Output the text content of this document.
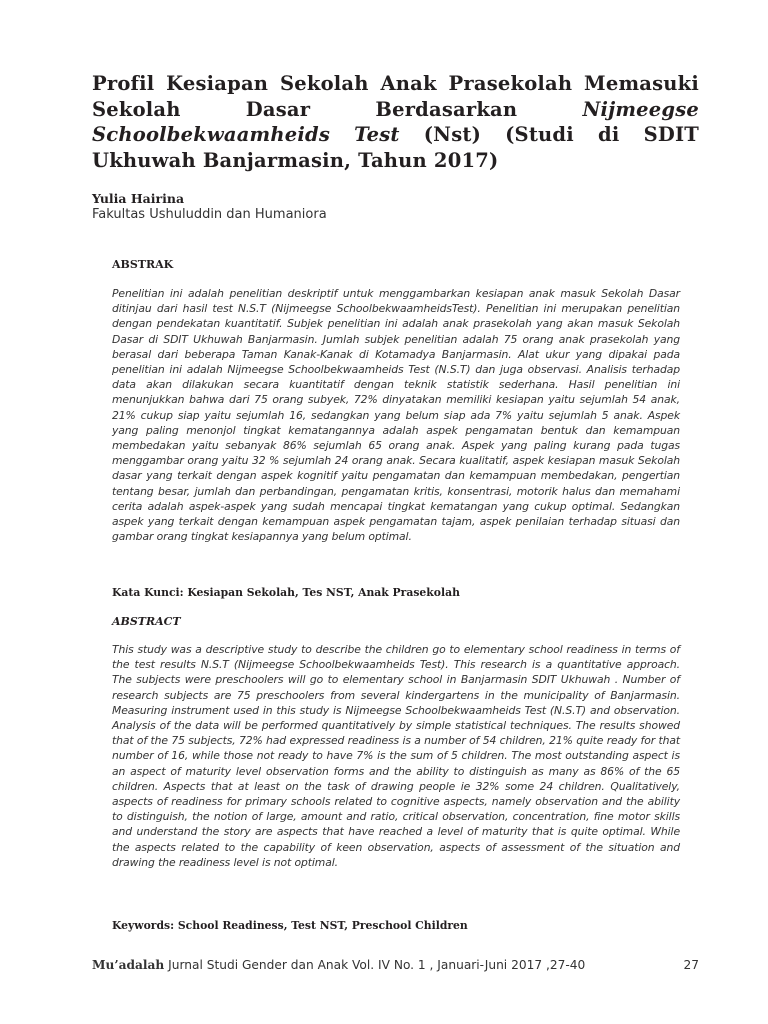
Profil Kesiapan Sekolah Anak Prasekolah Memasuki Sekolah Dasar Berdasarkan Nijmeegse Schoolbekwaamheids Test (Nst) (Studi di SDIT Ukhuwah Banjarmasin, Tahun 2017)
Yulia Hairina
Fakultas Ushuluddin dan Humaniora
ABSTRAK
Penelitian ini adalah penelitian deskriptif untuk menggambarkan kesiapan anak masuk Sekolah Dasar ditinjau dari hasil test N.S.T (Nijmeegse SchoolbekwaamheidsTest). Penelitian ini merupakan penelitian dengan pendekatan kuantitatif. Subjek penelitian ini adalah anak prasekolah yang akan masuk Sekolah Dasar di SDIT Ukhuwah Banjarmasin. Jumlah subjek penelitian adalah 75 orang anak prasekolah yang berasal dari beberapa Taman Kanak-Kanak di Kotamadya Banjarmasin. Alat ukur yang dipakai pada penelitian ini adalah Nijmeegse Schoolbekwaamheids Test (N.S.T) dan juga observasi. Analisis terhadap data akan dilakukan secara kuantitatif dengan teknik statistik sederhana. Hasil penelitian ini menunjukkan bahwa dari 75 orang subyek, 72% dinyatakan memiliki kesiapan yaitu sejumlah 54 anak, 21% cukup siap yaitu sejumlah 16, sedangkan yang belum siap ada 7% yaitu sejumlah 5 anak. Aspek yang paling menonjol tingkat kematangannya adalah aspek pengamatan bentuk dan kemampuan membedakan yaitu sebanyak 86% sejumlah 65 orang anak. Aspek yang paling kurang pada tugas menggambar orang yaitu 32 % sejumlah 24 orang anak. Secara kualitatif, aspek kesiapan masuk Sekolah dasar yang terkait dengan aspek kognitif yaitu pengamatan dan kemampuan membedakan, pengertian tentang besar, jumlah dan perbandingan, pengamatan kritis, konsentrasi, motorik halus dan memahami cerita adalah aspek-aspek yang sudah mencapai tingkat kematangan yang cukup optimal. Sedangkan aspek yang terkait dengan kemampuan aspek pengamatan tajam, aspek penilaian terhadap situasi dan gambar orang tingkat kesiapannya yang belum optimal.
Kata Kunci: Kesiapan Sekolah, Tes NST, Anak Prasekolah
ABSTRACT
This study was a descriptive study to describe the children go to elementary school readiness in terms of the test results N.S.T (Nijmeegse Schoolbekwaamheids Test). This research is a quantitative approach. The subjects were preschoolers will go to elementary school in Banjarmasin SDIT Ukhuwah . Number of research subjects are 75 preschoolers from several kindergartens in the municipality of Banjarmasin. Measuring instrument used in this study is Nijmeegse Schoolbekwaamheids Test (N.S.T) and observation. Analysis of the data will be performed quantitatively by simple statistical techniques. The results showed that of the 75 subjects, 72% had expressed readiness is a number of 54 children, 21% quite ready for that number of 16, while those not ready to have 7% is the sum of 5 children. The most outstanding aspect is an aspect of maturity level observation forms and the ability to distinguish as many as 86% of the 65 children. Aspects that at least on the task of drawing people ie 32% some 24 children. Qualitatively, aspects of readiness for primary schools related to cognitive aspects, namely observation and the ability to distinguish, the notion of large, amount and ratio, critical observation, concentration, fine motor skills and understand the story are aspects that have reached a level of maturity that is quite optimal. While the aspects related to the capability of keen observation, aspects of assessment of the situation and drawing the readiness level is not optimal.
Keywords: School Readiness, Test NST, Preschool Children
Mu’adalah Jurnal Studi Gender dan Anak Vol. IV No. 1 , Januari-Juni 2017 ,27-40	27
